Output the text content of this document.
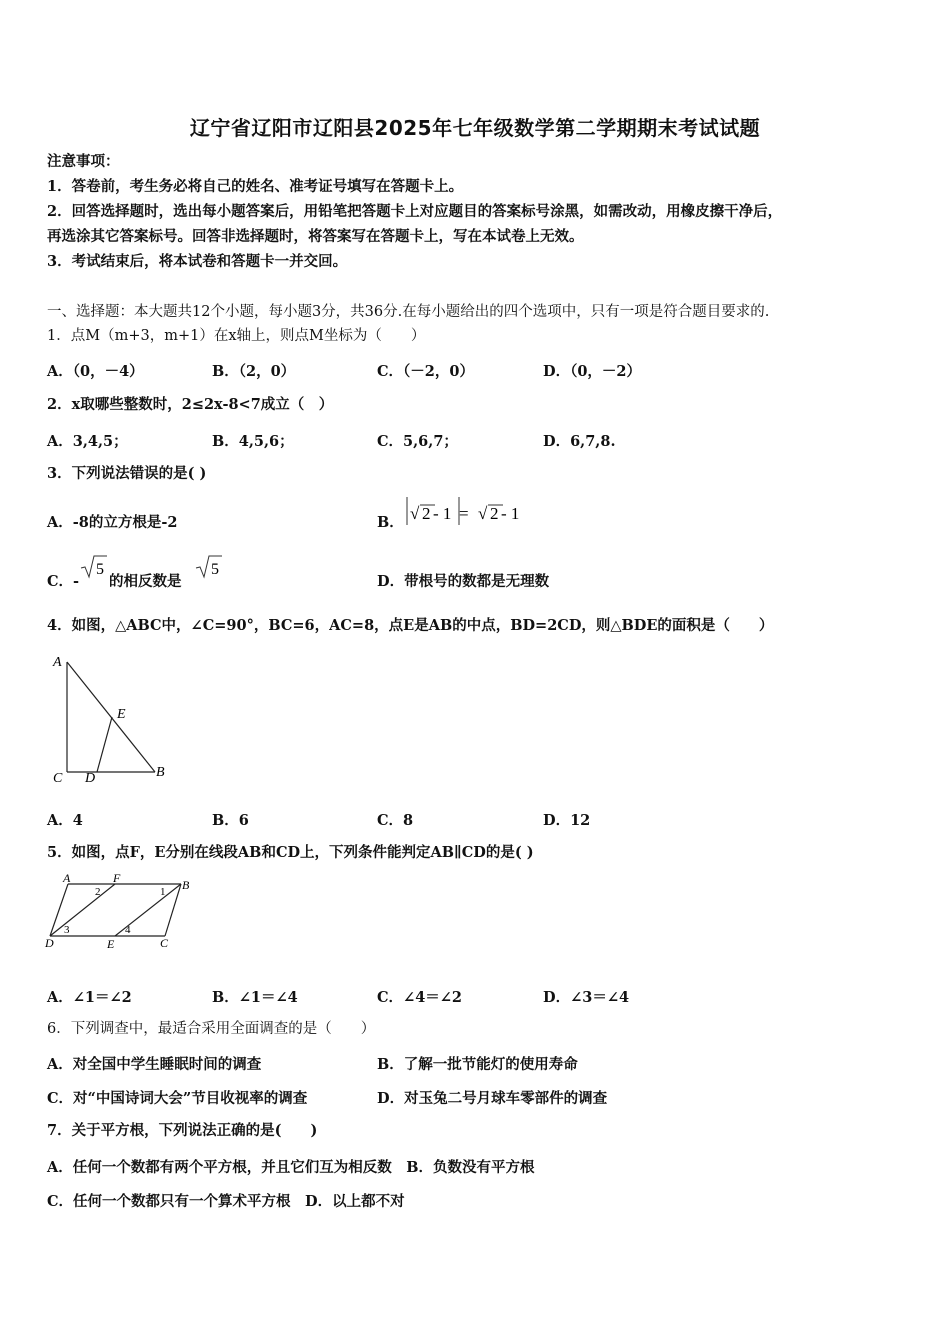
辽宁省辽阳市辽阳县2025年七年级数学第二学期期末考试试题
注意事项：
1．答卷前，考生务必将自己的姓名、准考证号填写在答题卡上。
2．回答选择题时，选出每小题答案后，用铅笔把答题卡上对应题目的答案标号涂黑，如需改动，用橡皮擦干净后，
再选涂其它答案标号。回答非选择题时，将答案写在答题卡上，写在本试卷上无效。
3．考试结束后，将本试卷和答题卡一并交回。
一、选择题：本大题共12个小题，每小题3分，共36分.在每小题给出的四个选项中，只有一项是符合题目要求的.
1．点M（m+3，m+1）在x轴上，则点M坐标为（　　）
A．（0，－4）	B．（2，0）	C．（－2，0）	D．（0，－2）
2．x取哪些整数时，2≤2x-8<7成立（　）
A．3,4,5；	B．4,5,6；	C．5,6,7；	D．6,7,8.
3．下列说法错误的是( )
A．-8的立方根是-2	B． √ 2 - 1 = √ 2 - 1
C．-
5
的相反数是
5
D．带根号的数都是无理数
4．如图，△ABC中，∠C=90°，BC=6，AC=8，点E是AB的中点，BD=2CD，则△BDE的面积是（　　）
A
E
C D	B
A．4	B．6	C．8	D．12
5．如图，点F，E分别在线段AB和CD上，下列条件能判定AB∥CD的是( )
A	F	B
D	E	C
1
2
3	4
A．∠1＝∠2	B．∠1＝∠4	C．∠4＝∠2	D．∠3＝∠4
6．下列调查中，最适合采用全面调查的是（　　）
A．对全国中学生睡眠时间的调查	B．了解一批节能灯的使用寿命
C．对“中国诗词大会”节目收视率的调查	D．对玉兔二号月球车零部件的调查
7．关于平方根，下列说法正确的是(　　)
A．任何一个数都有两个平方根，并且它们互为相反数　B．负数没有平方根
C．任何一个数都只有一个算术平方根　D．以上都不对
